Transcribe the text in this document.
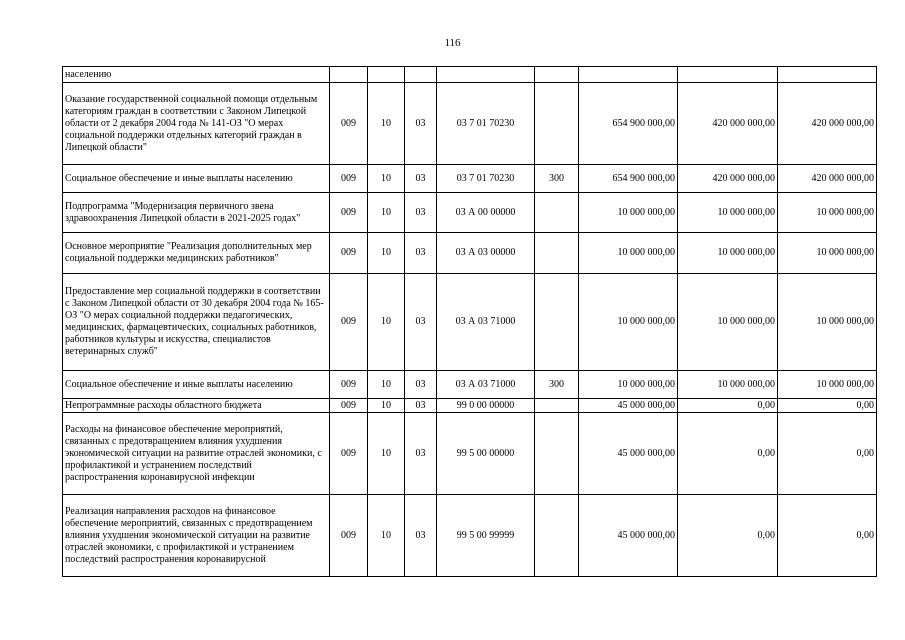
116
населению								
Оказание государственной социальной помощи отдельным категориям граждан в соответствии с Законом Липецкой области от 2 декабря 2004 года № 141-ОЗ "О мерах социальной поддержки отдельных категорий граждан в Липецкой области"	009	10	03	03 7 01 70230		654 900 000,00	420 000 000,00	420 000 000,00
Социальное обеспечение и иные выплаты населению	009	10	03	03 7 01 70230	300	654 900 000,00	420 000 000,00	420 000 000,00
Подпрограмма "Модернизация первичного звена здравоохранения Липецкой области в 2021-2025 годах"	009	10	03	03 А 00 00000		10 000 000,00	10 000 000,00	10 000 000,00
Основное мероприятие "Реализация дополнительных мер социальной поддержки медицинских работников"	009	10	03	03 А 03 00000		10 000 000,00	10 000 000,00	10 000 000,00
Предоставление мер социальной поддержки в соответствии с Законом Липецкой области от 30 декабря 2004 года № 165-ОЗ "О мерах социальной поддержки педагогических, медицинских, фармацевтических, социальных работников, работников культуры и искусства, специалистов ветеринарных служб"	009	10	03	03 А 03 71000		10 000 000,00	10 000 000,00	10 000 000,00
Социальное обеспечение и иные выплаты населению	009	10	03	03 А 03 71000	300	10 000 000,00	10 000 000,00	10 000 000,00
Непрограммные расходы областного бюджета	009	10	03	99 0 00 00000		45 000 000,00	0,00	0,00
Расходы на финансовое обеспечение мероприятий, связанных с предотвращением влияния ухудшения экономической ситуации на развитие отраслей экономики, с профилактикой и устранением последствий распространения коронавирусной инфекции	009	10	03	99 5 00 00000		45 000 000,00	0,00	0,00
Реализация направления расходов на финансовое обеспечение мероприятий, связанных с предотвращением влияния ухудшения экономической ситуации на развитие отраслей экономики, с профилактикой и устранением последствий распространения коронавирусной	009	10	03	99 5 00 99999		45 000 000,00	0,00	0,00
